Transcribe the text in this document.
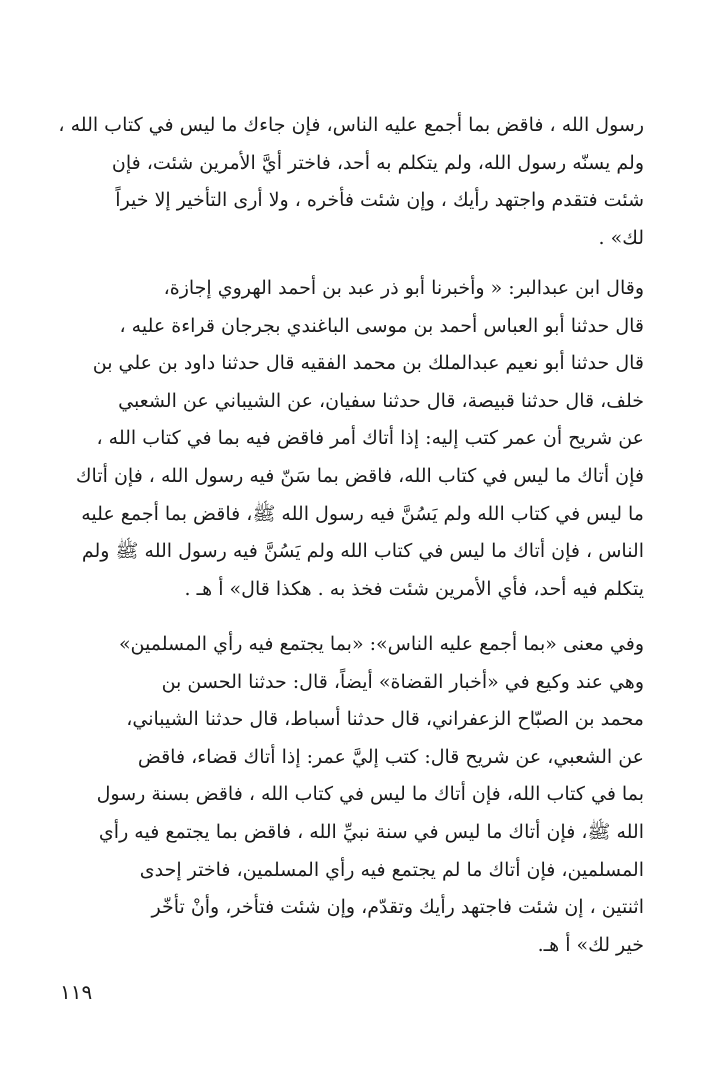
رسول الله ، فاقض بما أجمع عليه الناس، فإن جاءك ما ليس في كتاب الله ،
ولم يسنّه رسول الله، ولم يتكلم به أحد، فاختر أيَّ الأمرين شئت، فإن
شئت فتقدم واجتهد رأيك ، وإن شئت فأخره ، ولا أرى التأخير إلا خيراً
لك» .
وقال ابن عبدالبر: « وأخبرنا أبو ذر عبد بن أحمد الهروي إجازة،
قال حدثنا أبو العباس أحمد بن موسى الباغندي بجرجان قراءة عليه ،
قال حدثنا أبو نعيم عبدالملك بن محمد الفقيه قال حدثنا داود بن علي بن
خلف، قال حدثنا قبيصة، قال حدثنا سفيان، عن الشيباني عن الشعبي
عن شريح أن عمر كتب إليه: إذا أتاك أمر فاقض فيه بما في كتاب الله ،
فإن أتاك ما ليس في كتاب الله، فاقض بما سَنّ فيه رسول الله ، فإن أتاك
ما ليس في كتاب الله ولم يَسُنَّ فيه رسول الله ﷺ، فاقض بما أجمع عليه
الناس ، فإن أتاك ما ليس في كتاب الله ولم يَسُنَّ فيه رسول الله ﷺ ولم
يتكلم فيه أحد، فأي الأمرين شئت فخذ به . هكذا قال» أ هـ .
وفي معنى «بما أجمع عليه الناس»: «بما يجتمع فيه رأي المسلمين»
وهي عند وكيع في «أخبار القضاة» أيضاً، قال: حدثنا الحسن بن
محمد بن الصبّاح الزعفراني، قال حدثنا أسباط، قال حدثنا الشيباني،
عن الشعبي، عن شريح قال: كتب إليَّ عمر: إذا أتاك قضاء، فاقض
بما في كتاب الله، فإن أتاك ما ليس في كتاب الله ، فاقض بسنة رسول
الله ﷺ، فإن أتاك ما ليس في سنة نبيِّ الله ، فاقض بما يجتمع فيه رأي
المسلمين، فإن أتاك ما لم يجتمع فيه رأي المسلمين، فاختر إحدى
اثنتين ، إن شئت فاجتهد رأيك وتقدّم، وإن شئت فتأخر، وأنْ تأخّر
خير لك» أ هـ.
١١٩
